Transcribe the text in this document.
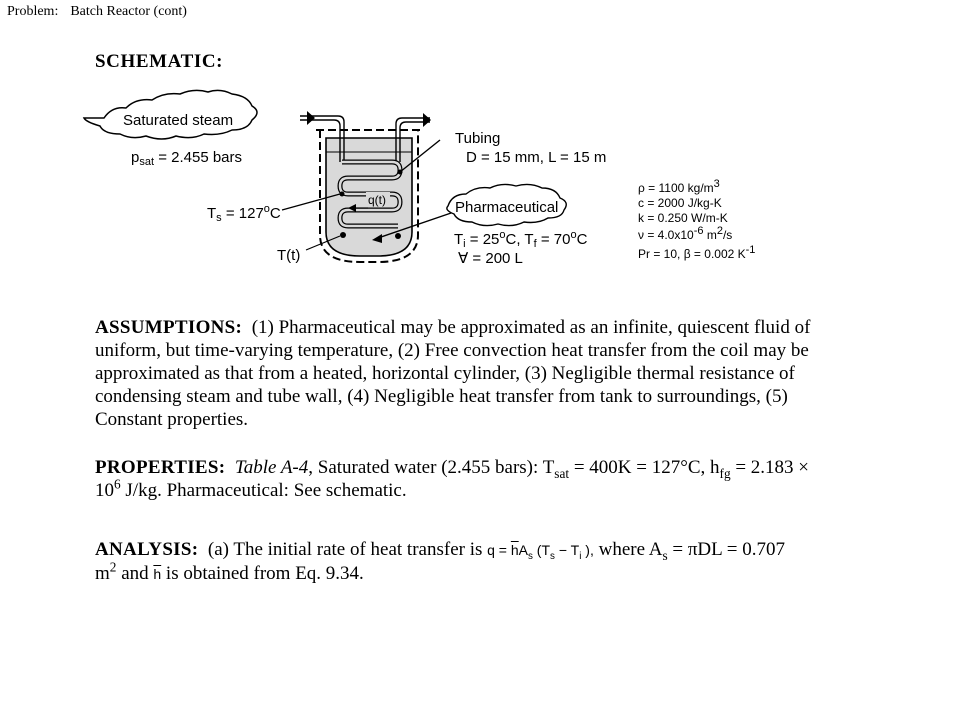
Problem: Batch Reactor (cont)
SCHEMATIC:
Saturated steam
$p_{sat} = 2.455$ bars
q(t)
$T_s = 127^oC$
T(t)
Tubing
D = 15 mm, L = 15 m
Pharmaceutical
$T_i = 25^oC$, $T_f = 70^oC$
∀ = 200 L
ρ = 1100 kg/m3
c = 2000 J/kg-K
k = 0.250 W/m-K
ν = 4.0x10-6 m2/s
Pr = 10, β = 0.002 K-1
ASSUMPTIONS: (1) Pharmaceutical may be approximated as an infinite, quiescent fluid of uniform, but time-varying temperature, (2) Free convection heat transfer from the coil may be approximated as that from a heated, horizontal cylinder, (3) Negligible thermal resistance of condensing steam and tube wall, (4) Negligible heat transfer from tank to surroundings, (5) Constant properties.
PROPERTIES: Table A-4, Saturated water (2.455 bars): $T_{sat} = 400K = 127^\circ C$, $h_{fg} = 2.183$ ×
$10^6$ J/kg. Pharmaceutical: See schematic.
ANALYSIS: (a) The initial rate of heat transfer is $q = \overline{h}A_s$ ($T_s - T_i$ ), where $A_s = \pi DL = 0.707$
$m^2$ and $\overline{h}$ is obtained from Eq. 9.34.
